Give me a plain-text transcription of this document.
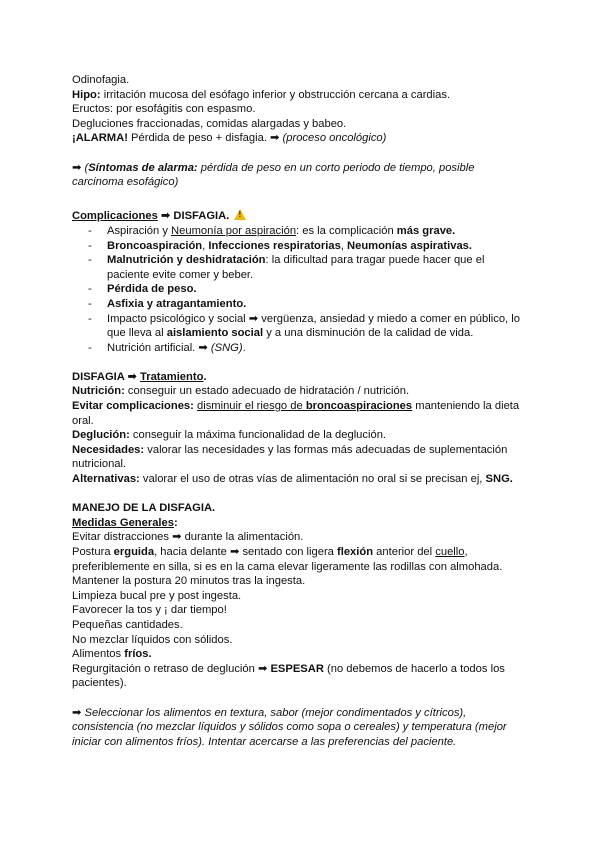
Odinofagia.

Hipo: irritación mucosa del esófago inferior y obstrucción cercana a cardias.

Eructos: por esofágitis con espasmo.

Degluciones fraccionadas, comidas alargadas y babeo.

¡ALARMA! Pérdida de peso + disfagia. ➡ (proceso oncológico)

➡ (Síntomas de alarma: pérdida de peso en un corto periodo de tiempo, posible carcinoma esofágico)

Complicaciones ➡ DISFAGIA. !

- Aspiración y Neumonía por aspiración: es la complicación más grave.
- Broncoaspiración, Infecciones respiratorias, Neumonías aspirativas.
- Malnutrición y deshidratación: la dificultad para tragar puede hacer que el paciente evite comer y beber.
- Pérdida de peso.
- Asfixia y atragantamiento.
- Impacto psicológico y social ➡ vergüenza, ansiedad y miedo a comer en público, lo que lleva al aislamiento social y a una disminución de la calidad de vida.
- Nutrición artificial. ➡ (SNG).

DISFAGIA ➡ Tratamiento.

Nutrición: conseguir un estado adecuado de hidratación / nutrición.

Evitar complicaciones: disminuir el riesgo de broncoaspiraciones manteniendo la dieta oral.

Deglución: conseguir la máxima funcionalidad de la deglución.

Necesidades: valorar las necesidades y las formas más adecuadas de suplementación nutricional.

Alternativas: valorar el uso de otras vías de alimentación no oral si se precisan ej, SNG.

MANEJO DE LA DISFAGIA.

Medidas Generales:

Evitar distracciones ➡ durante la alimentación.

Postura erguida, hacia delante ➡ sentado con ligera flexión anterior del cuello, preferiblemente en silla, si es en la cama elevar ligeramente las rodillas con almohada.

Mantener la postura 20 minutos tras la ingesta.

Limpieza bucal pre y post ingesta.

Favorecer la tos y ¡ dar tiempo!

Pequeñas cantidades.

No mezclar líquidos con sólidos.

Alimentos fríos.

Regurgitación o retraso de deglución ➡ ESPESAR (no debemos de hacerlo a todos los pacientes).

➡ Seleccionar los alimentos en textura, sabor (mejor condimentados y cítricos), consistencia (no mezclar líquidos y sólidos como sopa o cereales) y temperatura (mejor iniciar con alimentos fríos). Intentar acercarse a las preferencias del paciente.
